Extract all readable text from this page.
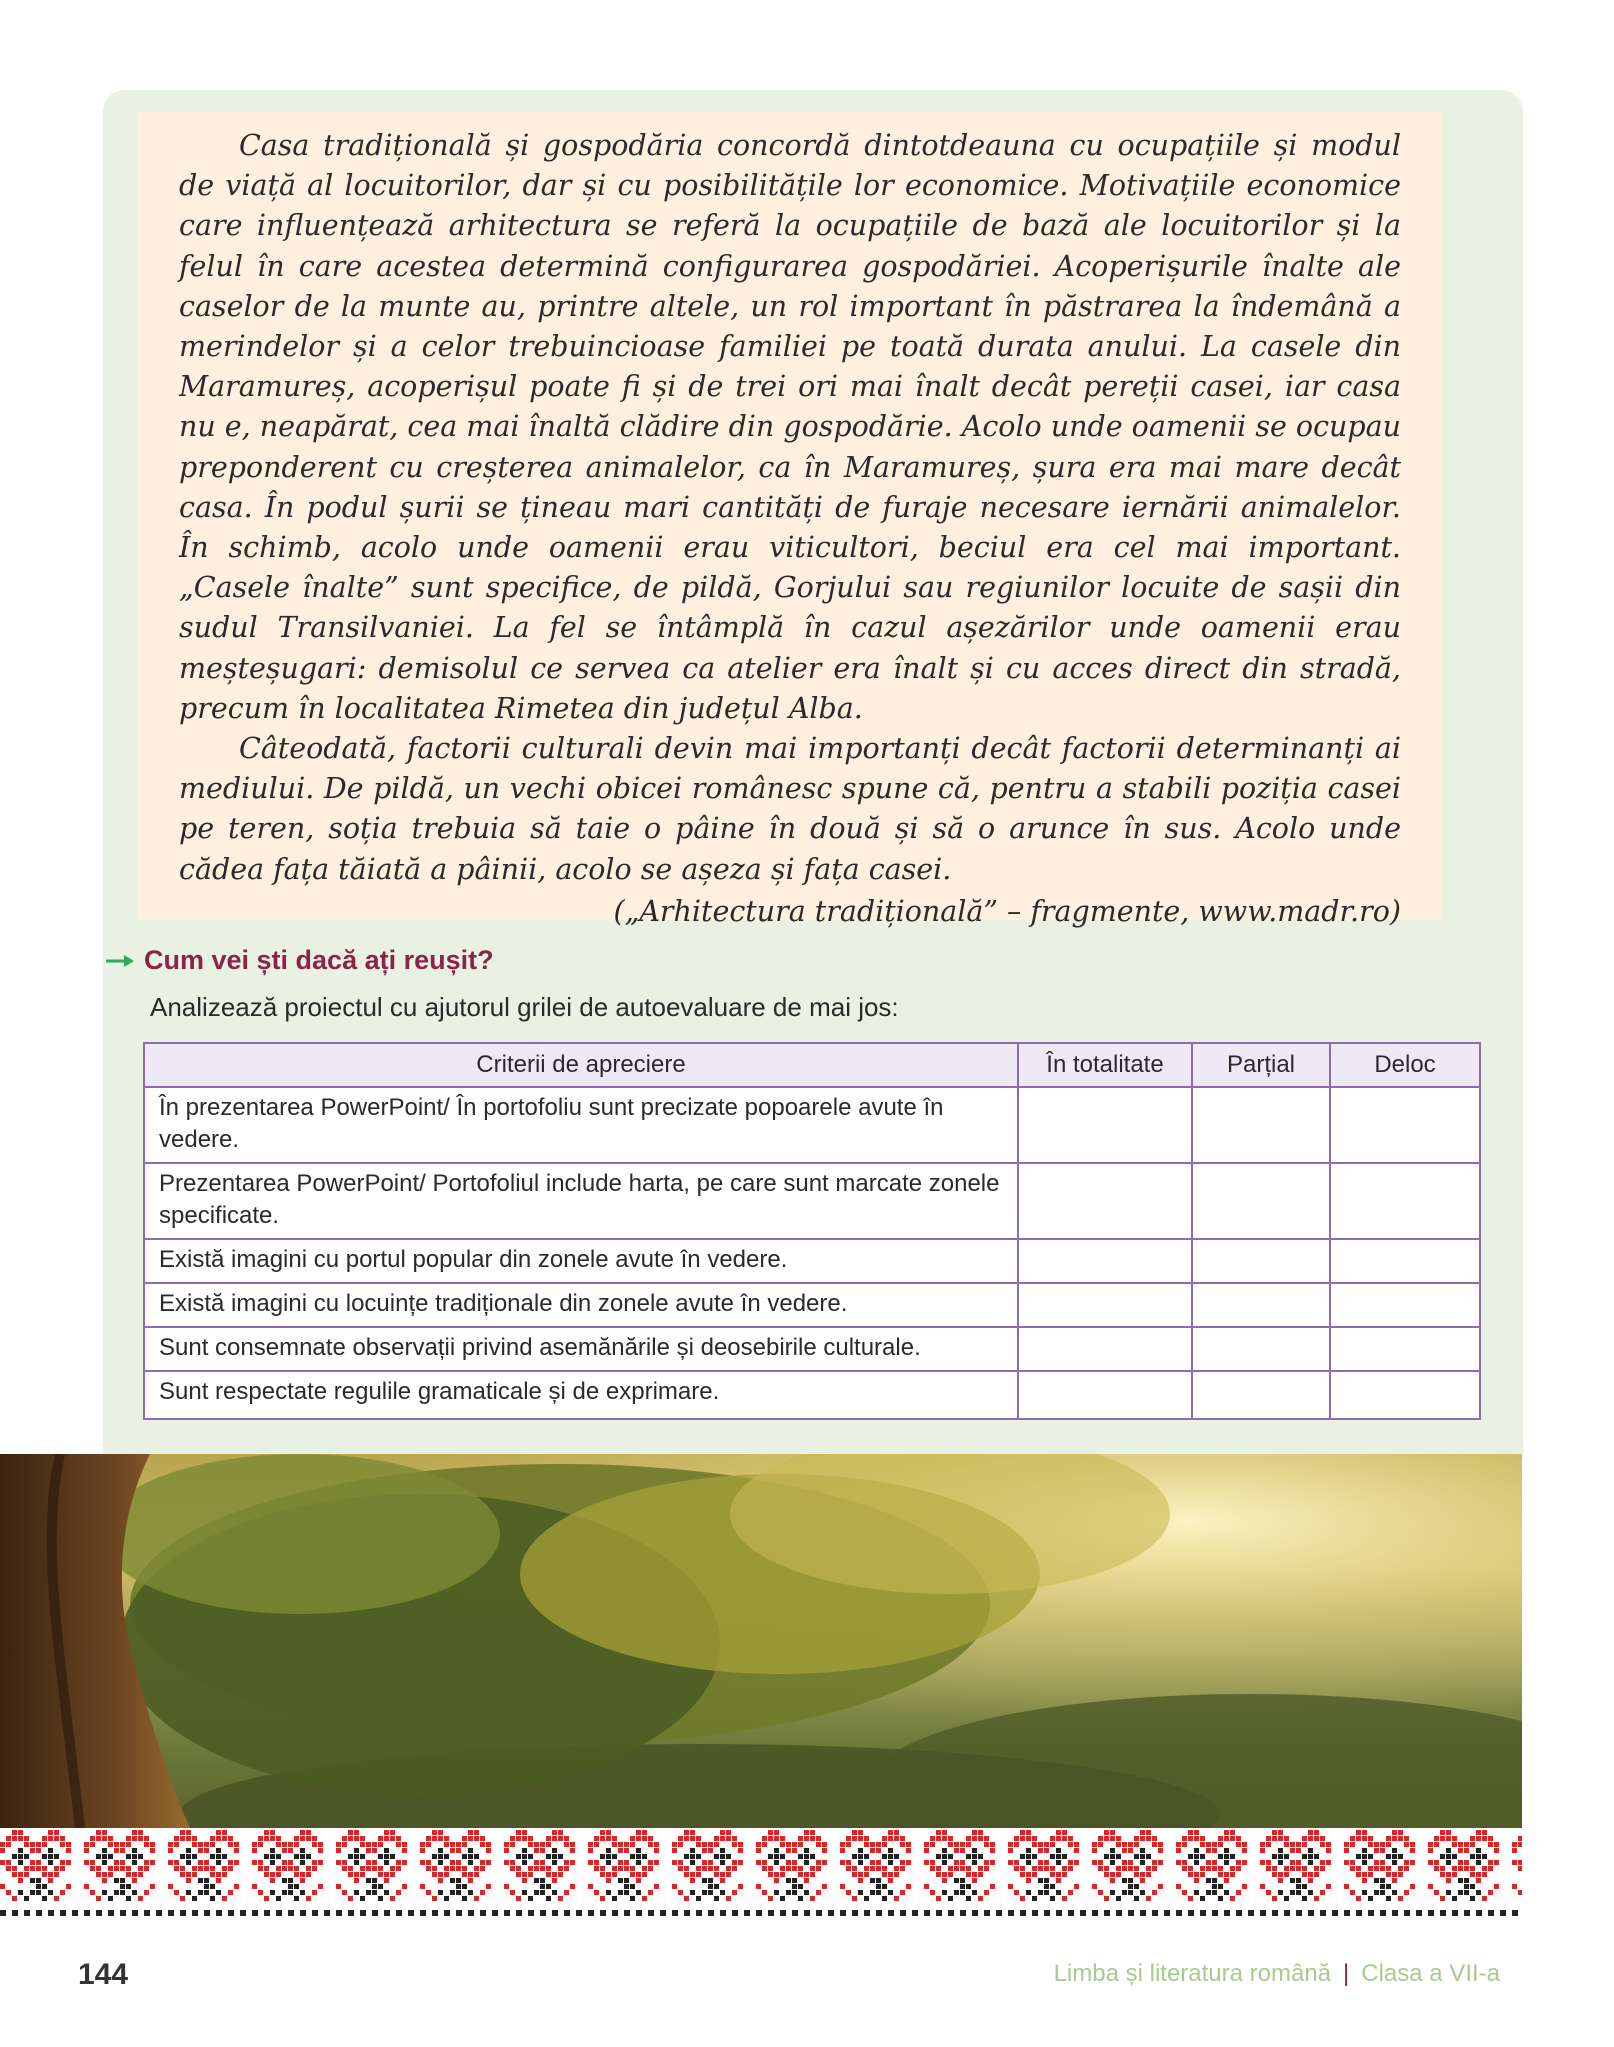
Casa tradițională și gospodăria concordă dintotdeauna cu ocupațiile și modul de viață al locuitorilor, dar și cu posibilitățile lor economice. Motivațiile economice care influențează arhitectura se referă la ocupațiile de bază ale locuitorilor și la felul în care acestea determină configurarea gospodăriei. Acoperișurile înalte ale caselor de la munte au, printre altele, un rol important în păstrarea la îndemână a merindelor și a celor trebuincioase familiei pe toată durata anului. La casele din Maramureș, acoperișul poate fi și de trei ori mai înalt decât pereții casei, iar casa nu e, neapărat, cea mai înaltă clădire din gospodărie. Acolo unde oamenii se ocupau preponderent cu creșterea animalelor, ca în Maramureș, șura era mai mare decât casa. În podul șurii se țineau mari cantități de furaje necesare iernării animalelor. În schimb, acolo unde oamenii erau viticultori, beciul era cel mai important. „Casele înalte” sunt specifice, de pildă, Gorjului sau regiunilor locuite de sașii din sudul Transilvaniei. La fel se întâmplă în cazul așezărilor unde oamenii erau meșteșugari: demisolul ce servea ca atelier era înalt și cu acces direct din stradă, precum în localitatea Rimetea din județul Alba.

Câteodată, factorii culturali devin mai importanți decât factorii determinanți ai mediului. De pildă, un vechi obicei românesc spune că, pentru a stabili poziția casei pe teren, soția trebuia să taie o pâine în două și să o arunce în sus. Acolo unde cădea fața tăiată a pâinii, acolo se așeza și fața casei.

(„Arhitectura tradițională” – fragmente, www.madr.ro)

Cum vei ști dacă ați reușit?
Analizează proiectul cu ajutorul grilei de autoevaluare de mai jos:
Criterii de apreciere	În totalitate	Parțial	Deloc
În prezentarea PowerPoint/ În portofoliu sunt precizate popoarele avute în vedere.			
Prezentarea PowerPoint/ Portofoliul include harta, pe care sunt marcate zonele specificate.			
Există imagini cu portul popular din zonele avute în vedere.			
Există imagini cu locuințe tradiționale din zonele avute în vedere.			
Sunt consemnate observații privind asemănările și deosebirile culturale.			
Sunt respectate regulile gramaticale și de exprimare.			
144	Limba și literatura română | Clasa a VII-a
